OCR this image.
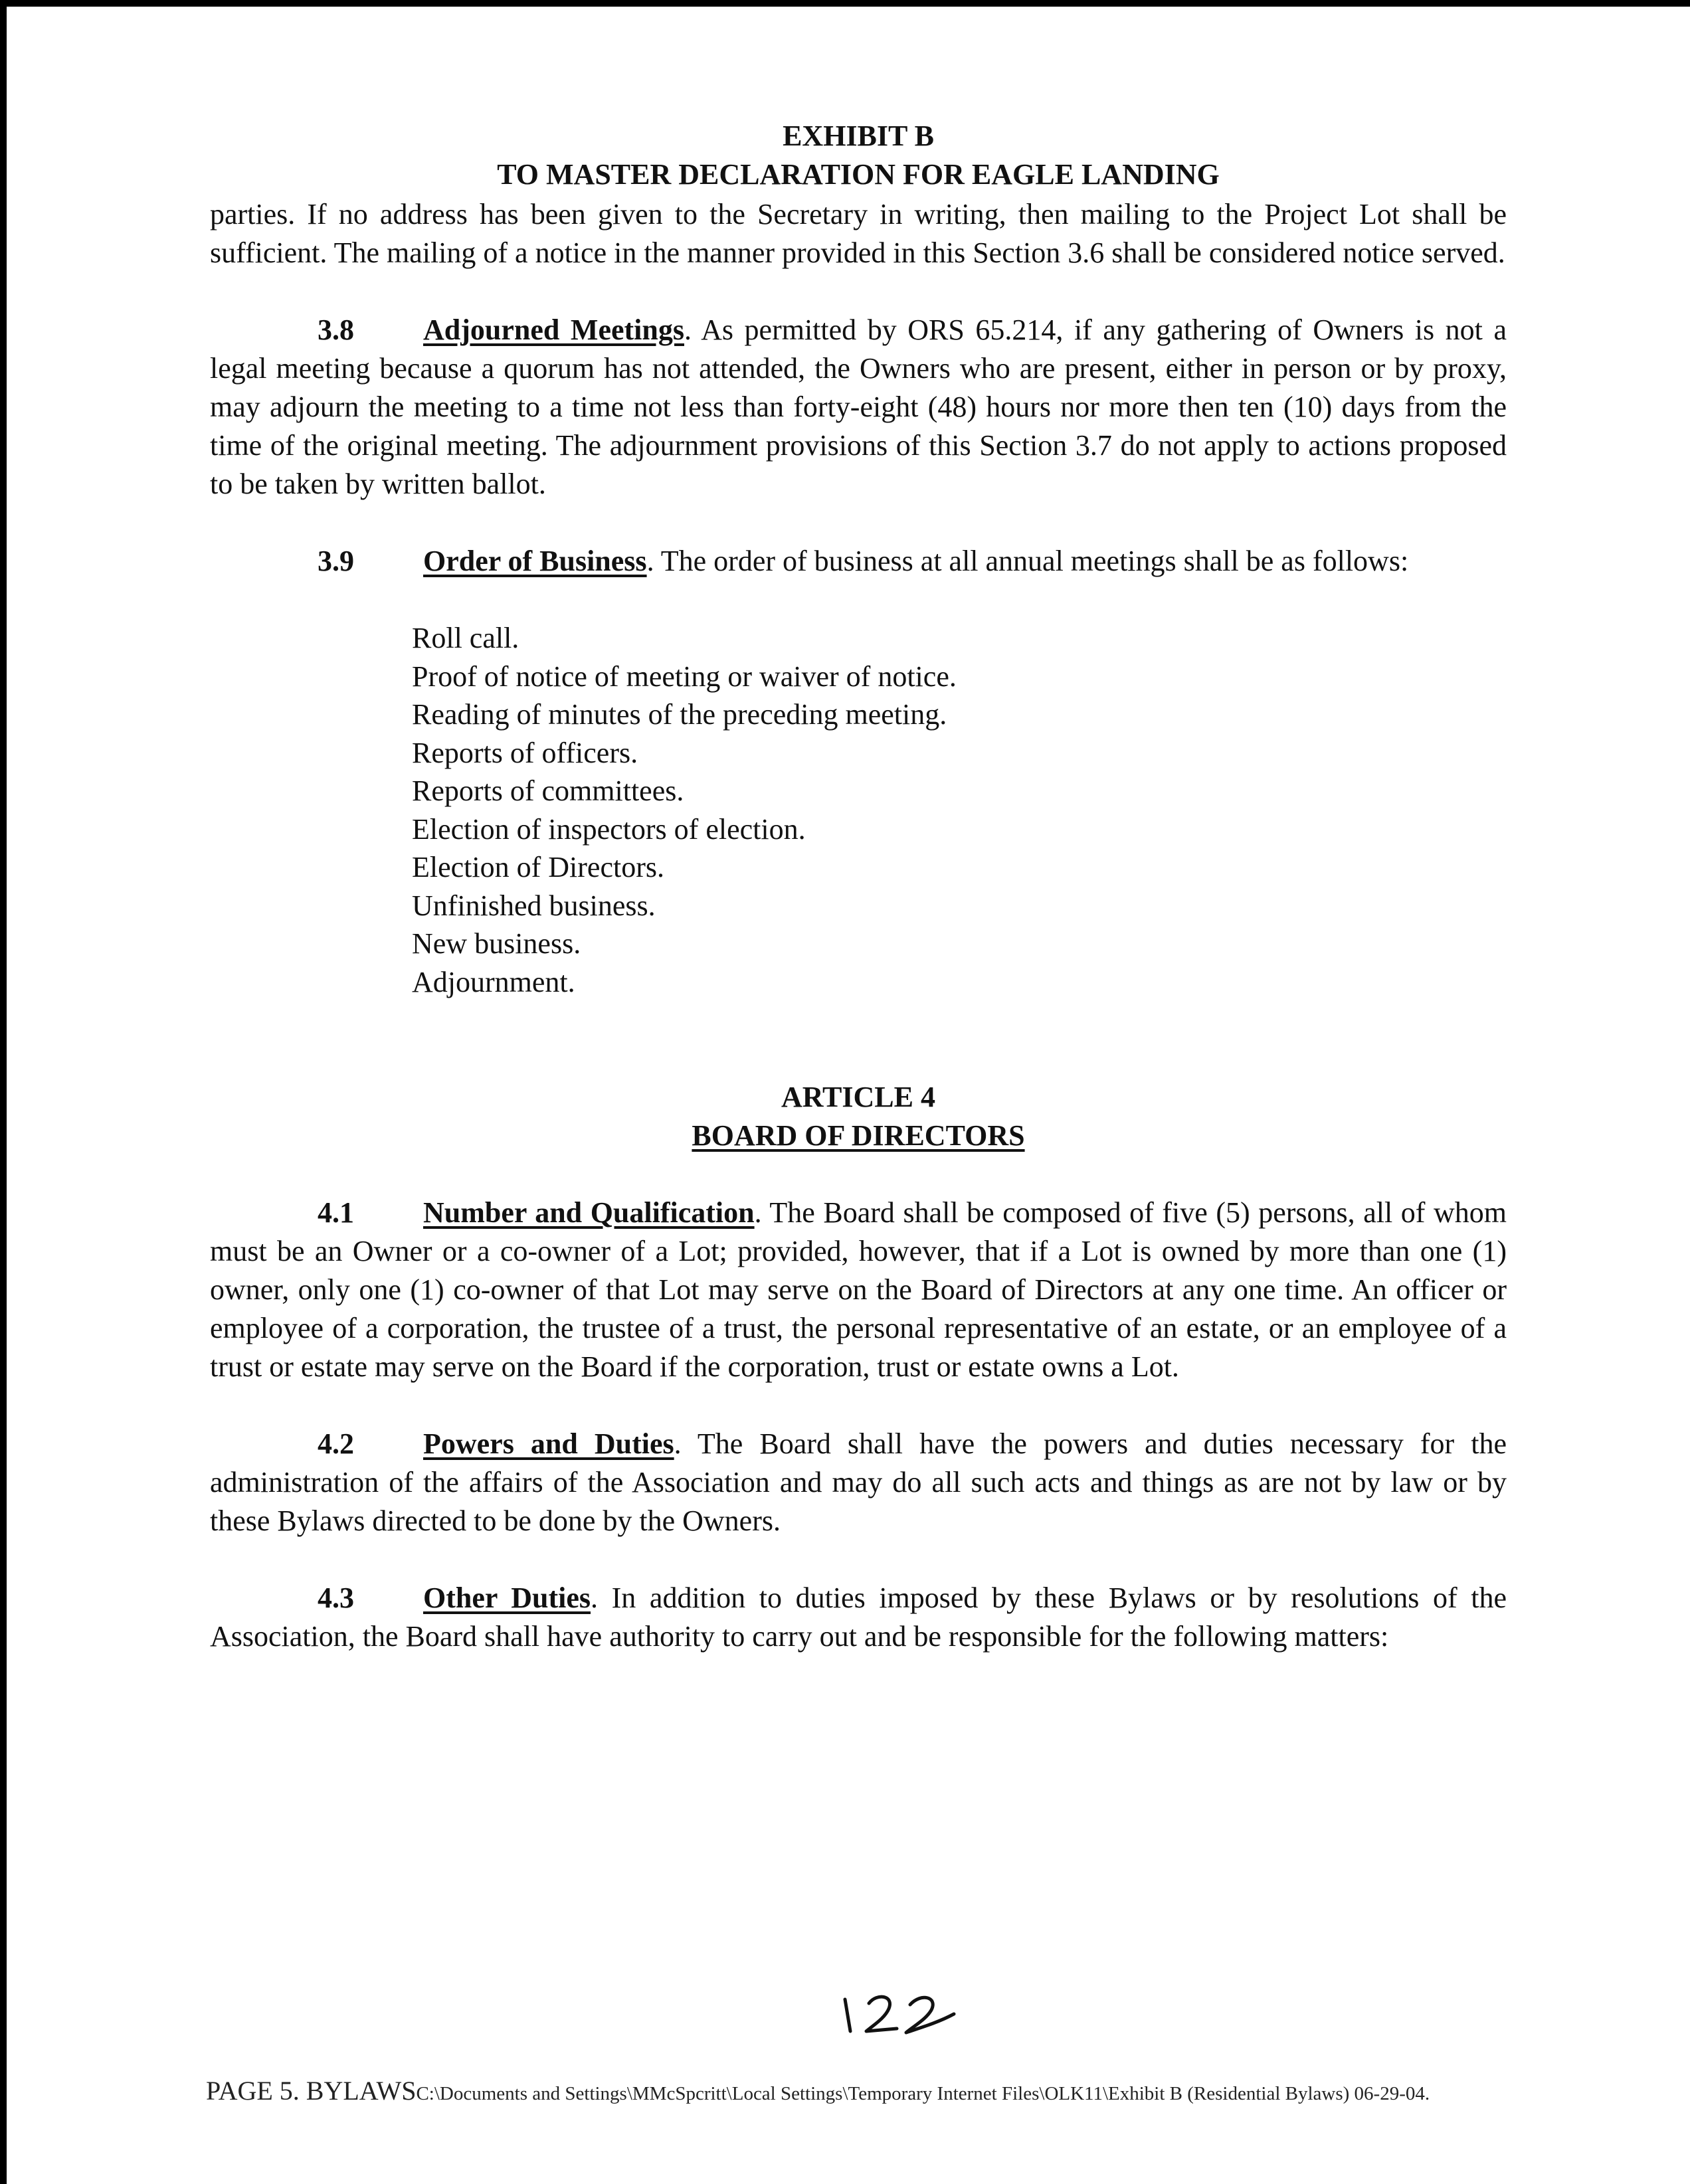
EXHIBIT B
TO MASTER DECLARATION FOR EAGLE LANDING

parties. If no address has been given to the Secretary in writing, then mailing to the Project Lot shall be sufficient. The mailing of a notice in the manner provided in this Section 3.6 shall be considered notice served.

3.8 Adjourned Meetings. As permitted by ORS 65.214, if any gathering of Owners is not a legal meeting because a quorum has not attended, the Owners who are present, either in person or by proxy, may adjourn the meeting to a time not less than forty-eight (48) hours nor more then ten (10) days from the time of the original meeting. The adjournment provisions of this Section 3.7 do not apply to actions proposed to be taken by written ballot.

3.9 Order of Business. The order of business at all annual meetings shall be as follows:

Roll call.
Proof of notice of meeting or waiver of notice.
Reading of minutes of the preceding meeting.
Reports of officers.
Reports of committees.
Election of inspectors of election.
Election of Directors.
Unfinished business.
New business.
Adjournment.
ARTICLE 4
BOARD OF DIRECTORS

4.1 Number and Qualification. The Board shall be composed of five (5) persons, all of whom must be an Owner or a co-owner of a Lot; provided, however, that if a Lot is owned by more than one (1) owner, only one (1) co-owner of that Lot may serve on the Board of Directors at any one time. An officer or employee of a corporation, the trustee of a trust, the personal representative of an estate, or an employee of a trust or estate may serve on the Board if the corporation, trust or estate owns a Lot.

4.2 Powers and Duties. The Board shall have the powers and duties necessary for the administration of the affairs of the Association and may do all such acts and things as are not by law or by these Bylaws directed to be done by the Owners.

4.3 Other Duties. In addition to duties imposed by these Bylaws or by resolutions of the Association, the Board shall have authority to carry out and be responsible for the following matters:

PAGE 5. BYLAWSC:\Documents and Settings\MMcSpcritt\Local Settings\Temporary Internet Files\OLK11\Exhibit B (Residential Bylaws) 06-29-04.
